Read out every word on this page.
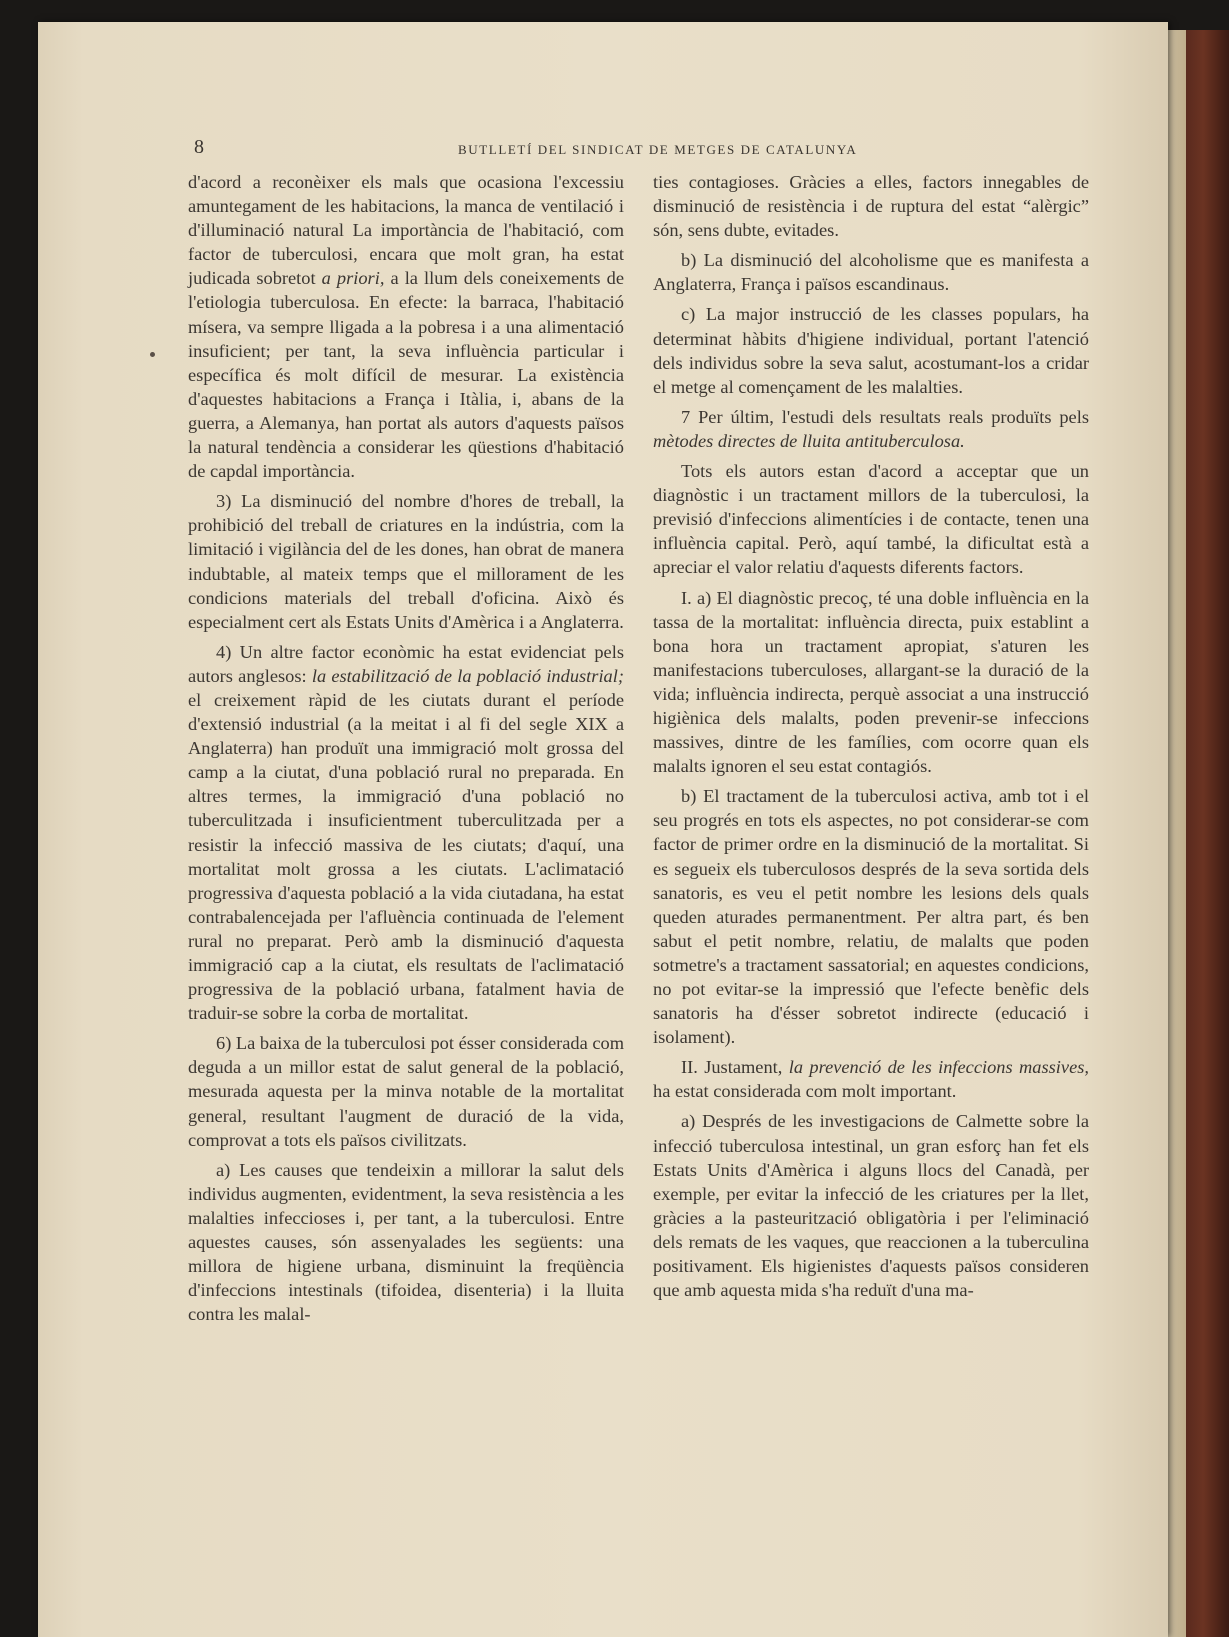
8	BUTLLETÍ DEL SINDICAT DE METGES DE CATALUNYA

d'acord a reconèixer els mals que ocasiona l'excessiu amuntegament de les habitacions, la manca de ventilació i d'illuminació natural La importància de l'habitació, com factor de tuberculosi, encara que molt gran, ha estat judicada sobretot a priori, a la llum dels coneixements de l'etiologia tuberculosa. En efecte: la barraca, l'habitació mísera, va sempre lligada a la pobresa i a una alimentació insuficient; per tant, la seva influència particular i específica és molt difícil de mesurar. La existència d'aquestes habitacions a França i Itàlia, i, abans de la guerra, a Alemanya, han portat als autors d'aquests països la natural tendència a considerar les qüestions d'habitació de capdal importància.

3) La disminució del nombre d'hores de treball, la prohibició del treball de criatures en la indústria, com la limitació i vigilància del de les dones, han obrat de manera indubtable, al mateix temps que el millorament de les condicions materials del treball d'oficina. Això és especialment cert als Estats Units d'Amèrica i a Anglaterra.

4) Un altre factor econòmic ha estat evidenciat pels autors anglesos: la estabilització de la població industrial; el creixement ràpid de les ciutats durant el període d'extensió industrial (a la meitat i al fi del segle XIX a Anglaterra) han produït una immigració molt grossa del camp a la ciutat, d'una població rural no preparada. En altres termes, la immigració d'una població no tuberculitzada i insuficientment tuberculitzada per a resistir la infecció massiva de les ciutats; d'aquí, una mortalitat molt grossa a les ciutats. L'aclimatació progressiva d'aquesta població a la vida ciutadana, ha estat contrabalencejada per l'afluència continuada de l'element rural no preparat. Però amb la disminució d'aquesta immigració cap a la ciutat, els resultats de l'aclimatació progressiva de la població urbana, fatalment havia de traduir-se sobre la corba de mortalitat.

6) La baixa de la tuberculosi pot ésser considerada com deguda a un millor estat de salut general de la població, mesurada aquesta per la minva notable de la mortalitat general, resultant l'augment de duració de la vida, comprovat a tots els països civilitzats.

a) Les causes que tendeixin a millorar la salut dels individus augmenten, evidentment, la seva resistència a les malalties infeccioses i, per tant, a la tuberculosi. Entre aquestes causes, són assenyalades les següents: una millora de higiene urbana, disminuint la freqüència d'infeccions intestinals (tifoidea, disenteria) i la lluita contra les malal-

ties contagioses. Gràcies a elles, factors innegables de disminució de resistència i de ruptura del estat “alèrgic” són, sens dubte, evitades.

b) La disminució del alcoholisme que es manifesta a Anglaterra, França i països escandinaus.

c) La major instrucció de les classes populars, ha determinat hàbits d'higiene individual, portant l'atenció dels individus sobre la seva salut, acostumant-los a cridar el metge al començament de les malalties.

7 Per últim, l'estudi dels resultats reals produïts pels mètodes directes de lluita antituberculosa.

Tots els autors estan d'acord a acceptar que un diagnòstic i un tractament millors de la tuberculosi, la previsió d'infeccions alimentícies i de contacte, tenen una influència capital. Però, aquí també, la dificultat està a apreciar el valor relatiu d'aquests diferents factors.

I. a) El diagnòstic precoç, té una doble influència en la tassa de la mortalitat: influència directa, puix establint a bona hora un tractament apropiat, s'aturen les manifestacions tuberculoses, allargant-se la duració de la vida; influència indirecta, perquè associat a una instrucció higiènica dels malalts, poden prevenir-se infeccions massives, dintre de les famílies, com ocorre quan els malalts ignoren el seu estat contagiós.

b) El tractament de la tuberculosi activa, amb tot i el seu progrés en tots els aspectes, no pot considerar-se com factor de primer ordre en la disminució de la mortalitat. Si es segueix els tuberculosos després de la seva sortida dels sanatoris, es veu el petit nombre les lesions dels quals queden aturades permanentment. Per altra part, és ben sabut el petit nombre, relatiu, de malalts que poden sotmetre's a tractament sassatorial; en aquestes condicions, no pot evitar-se la impressió que l'efecte benèfic dels sanatoris ha d'ésser sobretot indirecte (educació i isolament).

II. Justament, la prevenció de les infeccions massives, ha estat considerada com molt important.

a) Després de les investigacions de Calmette sobre la infecció tuberculosa intestinal, un gran esforç han fet els Estats Units d'Amèrica i alguns llocs del Canadà, per exemple, per evitar la infecció de les criatures per la llet, gràcies a la pasteurització obligatòria i per l'eliminació dels remats de les vaques, que reaccionen a la tuberculina positivament. Els higienistes d'aquests països consideren que amb aquesta mida s'ha reduït d'una ma-
